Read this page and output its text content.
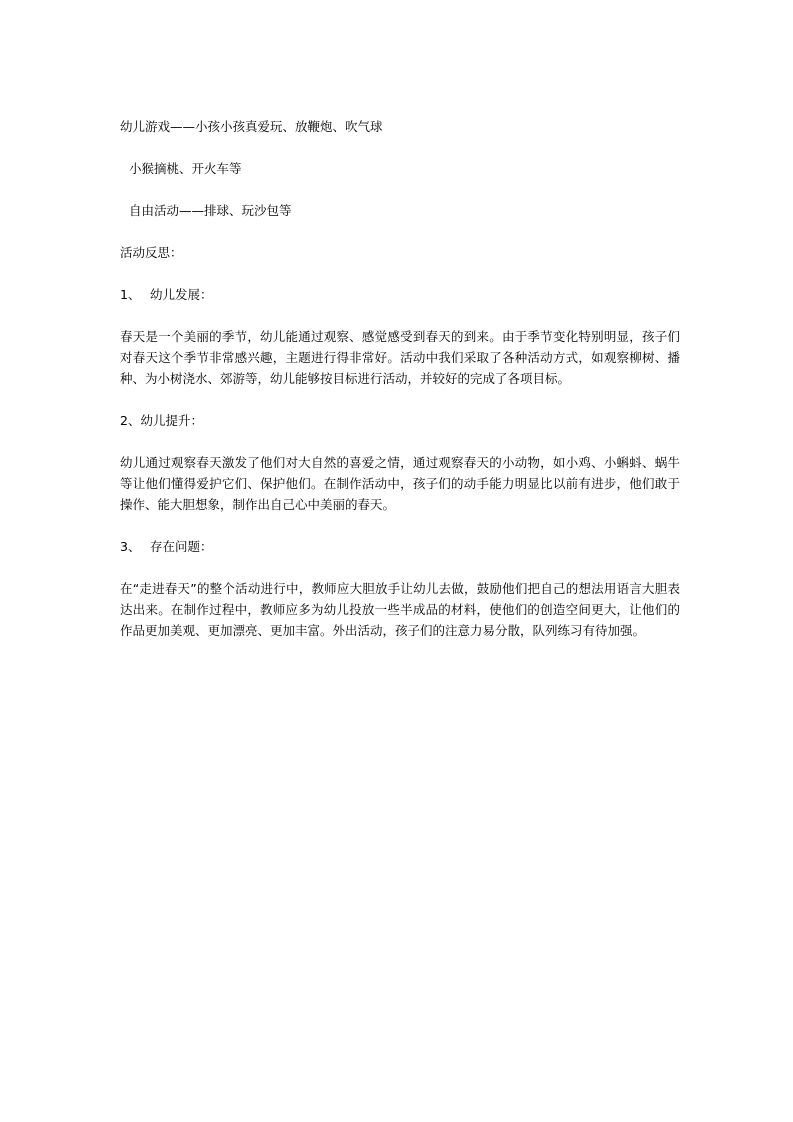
幼儿游戏——小孩小孩真爱玩、放鞭炮、吹气球

小猴摘桃、开火车等

自由活动——排球、玩沙包等

活动反思：

1、 幼儿发展：

春天是一个美丽的季节，幼儿能通过观察、感觉感受到春天的到来。由于季节变化特别明显，孩子们对春天这个季节非常感兴趣，主题进行得非常好。活动中我们采取了各种活动方式，如观察柳树、播种、为小树浇水、郊游等，幼儿能够按目标进行活动，并较好的完成了各项目标。

2、幼儿提升：

幼儿通过观察春天激发了他们对大自然的喜爱之情，通过观察春天的小动物，如小鸡、小蝌蚪、蜗牛等让他们懂得爱护它们、保护他们。在制作活动中，孩子们的动手能力明显比以前有进步，他们敢于操作、能大胆想象，制作出自己心中美丽的春天。

3、 存在问题：

在“走进春天”的整个活动进行中，教师应大胆放手让幼儿去做，鼓励他们把自己的想法用语言大胆表达出来。在制作过程中，教师应多为幼儿投放一些半成品的材料，使他们的创造空间更大，让他们的作品更加美观、更加漂亮、更加丰富。外出活动，孩子们的注意力易分散，队列练习有待加强。
